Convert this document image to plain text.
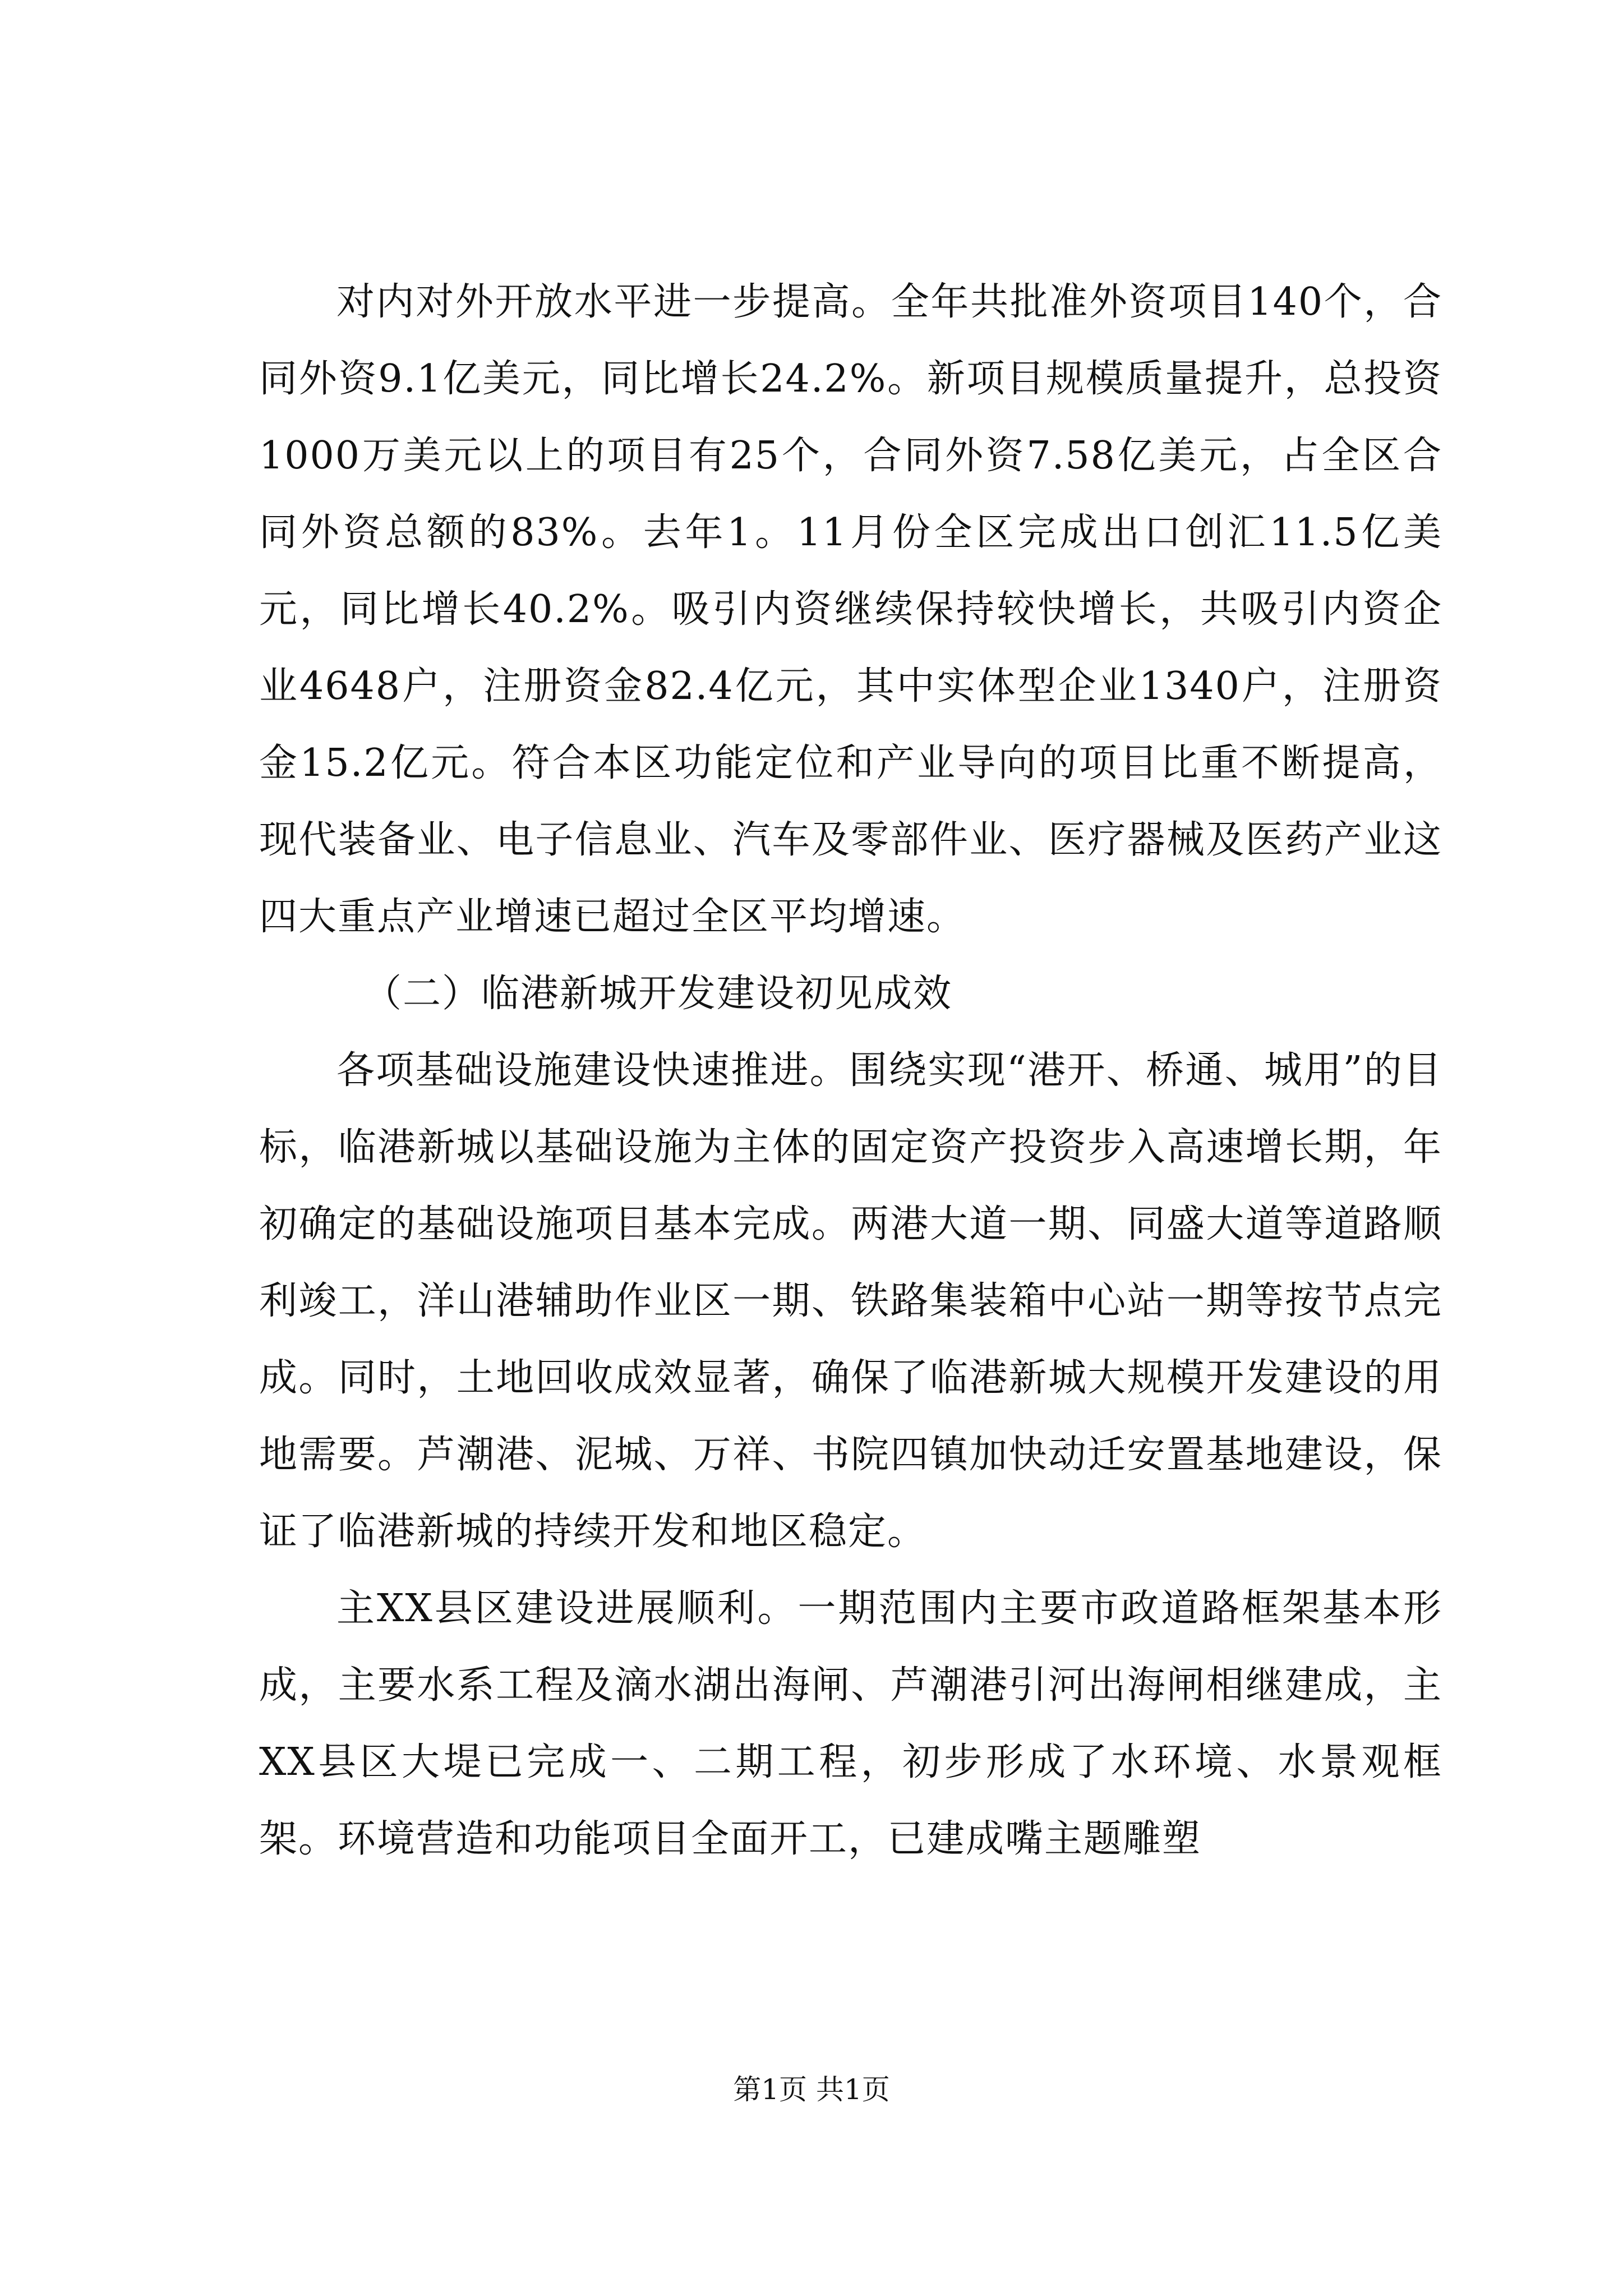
对内对外开放水平进一步提高。全年共批准外资项目140个，合同外资9.1亿美元，同比增长24.2%。新项目规模质量提升，总投资1000万美元以上的项目有25个，合同外资7.58亿美元，占全区合同外资总额的83%。去年1。11月份全区完成出口创汇11.5亿美元，同比增长40.2%。吸引内资继续保持较快增长，共吸引内资企业4648户，注册资金82.4亿元，其中实体型企业1340户，注册资金15.2亿元。符合本区功能定位和产业导向的项目比重不断提高，现代装备业、电子信息业、汽车及零部件业、医疗器械及医药产业这四大重点产业增速已超过全区平均增速。

（二）临港新城开发建设初见成效

各项基础设施建设快速推进。围绕实现“港开、桥通、城用”的目标，临港新城以基础设施为主体的固定资产投资步入高速增长期，年初确定的基础设施项目基本完成。两港大道一期、同盛大道等道路顺利竣工，洋山港辅助作业区一期、铁路集装箱中心站一期等按节点完成。同时，土地回收成效显著，确保了临港新城大规模开发建设的用地需要。芦潮港、泥城、万祥、书院四镇加快动迁安置基地建设，保证了临港新城的持续开发和地区稳定。

主XX县区建设进展顺利。一期范围内主要市政道路框架基本形成，主要水系工程及滴水湖出海闸、芦潮港引河出海闸相继建成，主XX县区大堤已完成一、二期工程，初步形成了水环境、水景观框架。环境营造和功能项目全面开工，已建成嘴主题雕塑

第1页 共1页
